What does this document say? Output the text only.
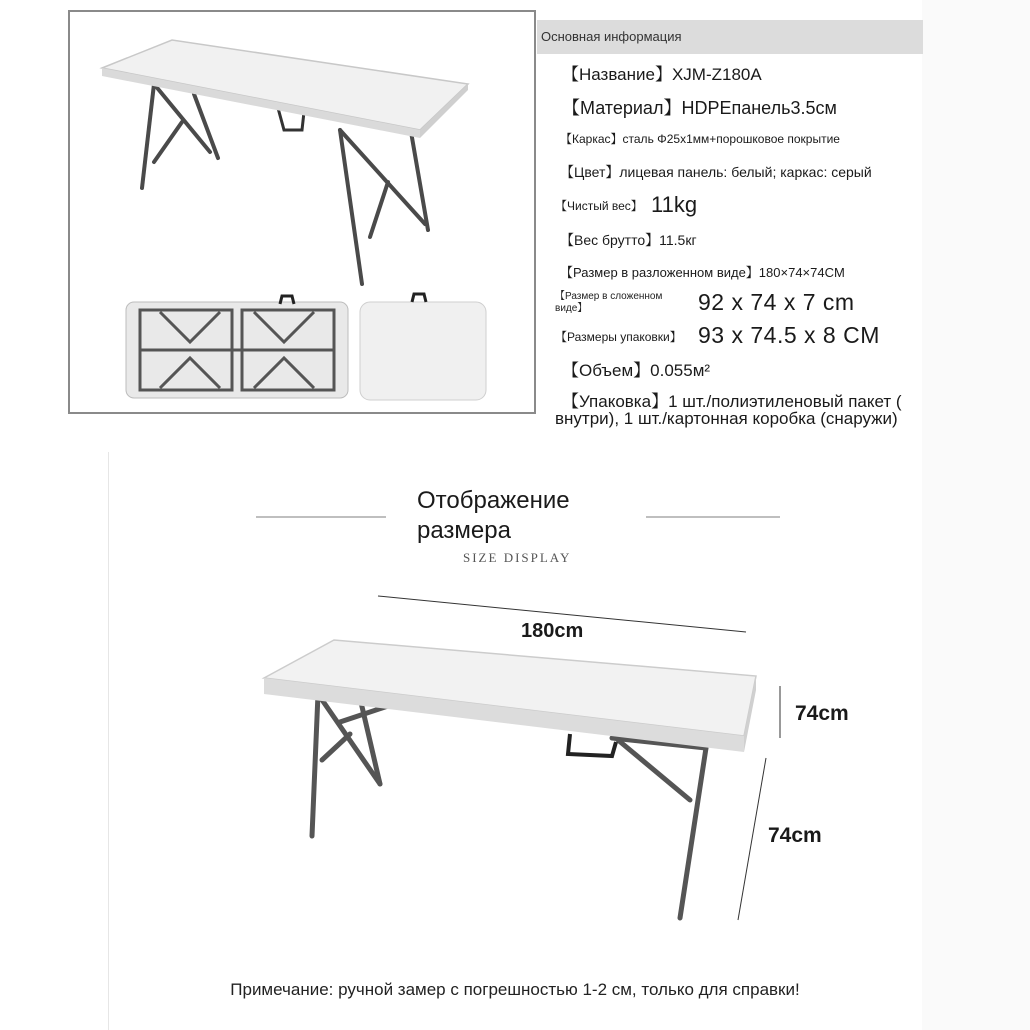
Основная информация
【Название】XJM-Z180A
【Материал】HDPEпанель3.5см
【Каркас】сталь Φ25x1мм+порошковое покрытие
【Цвет】лицевая панель: белый; каркас: серый
【Чистый вес】 11kg
【Вес брутто】11.5кг
【Размер в разложенном виде】180×74×74CM
【Размер в сложенном
виде】	92 x 74 x 7 cm
【Размеры упаковки】 93 x 74.5 x 8 CM
【Объем】0.055м²
【Упаковка】1 шт./полиэтиленовый пакет (
внутри), 1 шт./картонная коробка (снаружи)
Отображение
размера
SIZE DISPLAY
180cm
74cm
74cm
Примечание: ручной замер с погрешностью 1-2 см, только для справки!
